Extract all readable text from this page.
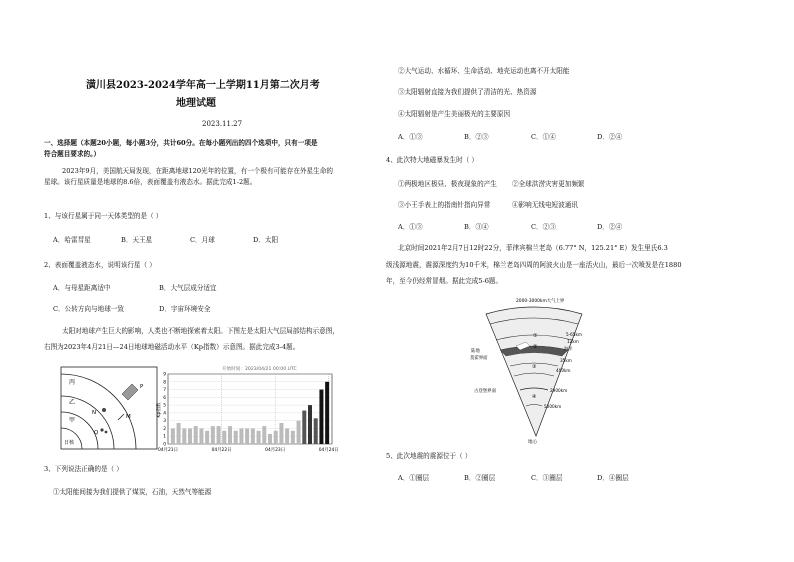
潢川县2023-2024学年高一上学期11月第二次月考
地理试题
2023.11.27
一、选择题（本题20小题，每小题3分，共计60分。在每小题列出的四个选项中，只有一项是
符合题目要求的。）
2023年9月，美国航天局发现，在距离地球120光年的位置，有一个极有可能存在外星生命的
星球。该行星质量是地球的8.6倍，表面覆盖有液态水。据此完成1-2题。
1、与该行星属于同一天体类型的是（ ）
A．哈雷彗星	B．天王星	C．月球	D．太阳
2、表面覆盖液态水，说明该行星（ ）
A．与母星距离适中	B．大气层成分适宜
C．公转方向与地球一致	D．宇宙环境安全
太阳对地球产生巨大的影响，人类也不断地探索着太阳。下图左是太阳大气层局部结构示意图，
右图为2023年4月21日—24日地球地磁活动水平（Kp指数）示意图。据此完成3-4题。
丙
乙
甲
日核
P
M
N
Q
开始时间：2023/04/21 00:00 UTC
9
8
7
6
5
4
3
2
1
0
04月21日	04月22日	04月23日	04月24日
Kp指数
3、下列说法正确的是（ ）
①太阳能间接为我们提供了煤炭，石油，天然气等能源
②大气运动、水循环、生命活动、地壳运动也离不开太阳能
③太阳辐射直接为我们提供了清洁的光、热资源
④太阳辐射是产生美丽极光的主要原因
A．①③	B．②③	C．①④	D．②④
4、此次特大地磁暴发生时（ ）
①两极地区极昼、极夜现象的产生 ②全球洪涝灾害更加频繁
③小王手表上的指南针指向异常	④影响无线电短波通讯
A．①③	B．③④	C．②③	D．②④
北京时间2021年2月7日12时22分，菲律宾棉兰老岛（6.77° N，125.21° E）发生里氏6.3
级浅源地震，震源深度约为10千米，棉兰老岛四周的阿波火山是一座活火山，最后一次喷发是在1880
年，至今仍经常冒烟。据此完成5-6题。
2000-3000km大气上界
①
②
③
④
陆地
莫霍界面
古登堡界面
5-65km
12km
海洋
35km
400km
2900km
5000km
地心
5、此次地震的震源位于（ ）
A．①圈层	B．②圈层	C．③圈层	D．④圈层
